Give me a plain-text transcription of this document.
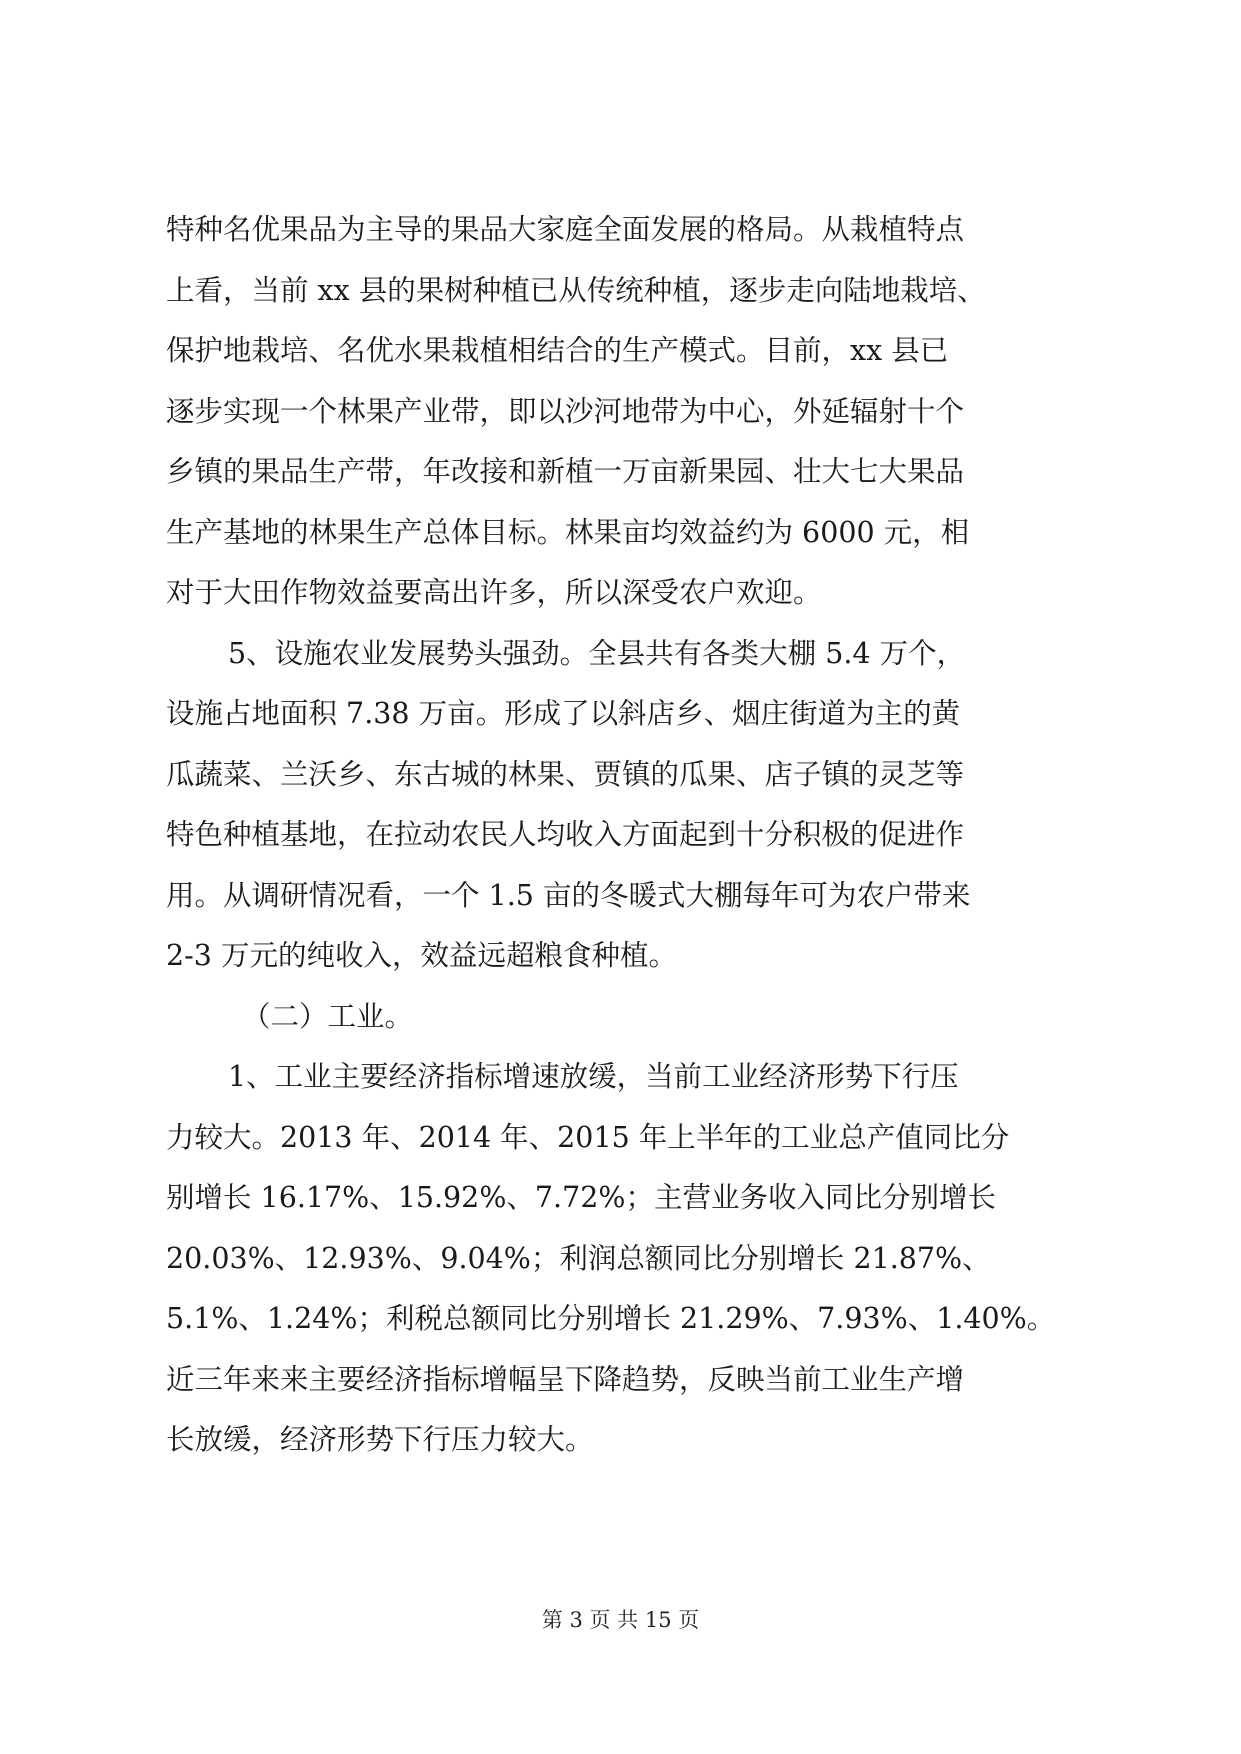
特种名优果品为主导的果品大家庭全面发展的格局。从栽植特点
上看，当前 xx 县的果树种植已从传统种植，逐步走向陆地栽培、
保护地栽培、名优水果栽植相结合的生产模式。目前，xx 县已
逐步实现一个林果产业带，即以沙河地带为中心，外延辐射十个
乡镇的果品生产带，年改接和新植一万亩新果园、壮大七大果品
生产基地的林果生产总体目标。林果亩均效益约为 6000 元，相
对于大田作物效益要高出许多，所以深受农户欢迎。
5、设施农业发展势头强劲。全县共有各类大棚 5.4 万个，
设施占地面积 7.38 万亩。形成了以斜店乡、烟庄街道为主的黄
瓜蔬菜、兰沃乡、东古城的林果、贾镇的瓜果、店子镇的灵芝等
特色种植基地，在拉动农民人均收入方面起到十分积极的促进作
用。从调研情况看，一个 1.5 亩的冬暖式大棚每年可为农户带来
2-3 万元的纯收入，效益远超粮食种植。
（二）工业。
1、工业主要经济指标增速放缓，当前工业经济形势下行压
力较大。2013 年、2014 年、2015 年上半年的工业总产值同比分
别增长 16.17%、15.92%、7.72%；主营业务收入同比分别增长
20.03%、12.93%、9.04%；利润总额同比分别增长 21.87%、
5.1%、1.24%；利税总额同比分别增长 21.29%、7.93%、1.40%。
近三年来来主要经济指标增幅呈下降趋势，反映当前工业生产增
长放缓，经济形势下行压力较大。
第 3 页 共 15 页
